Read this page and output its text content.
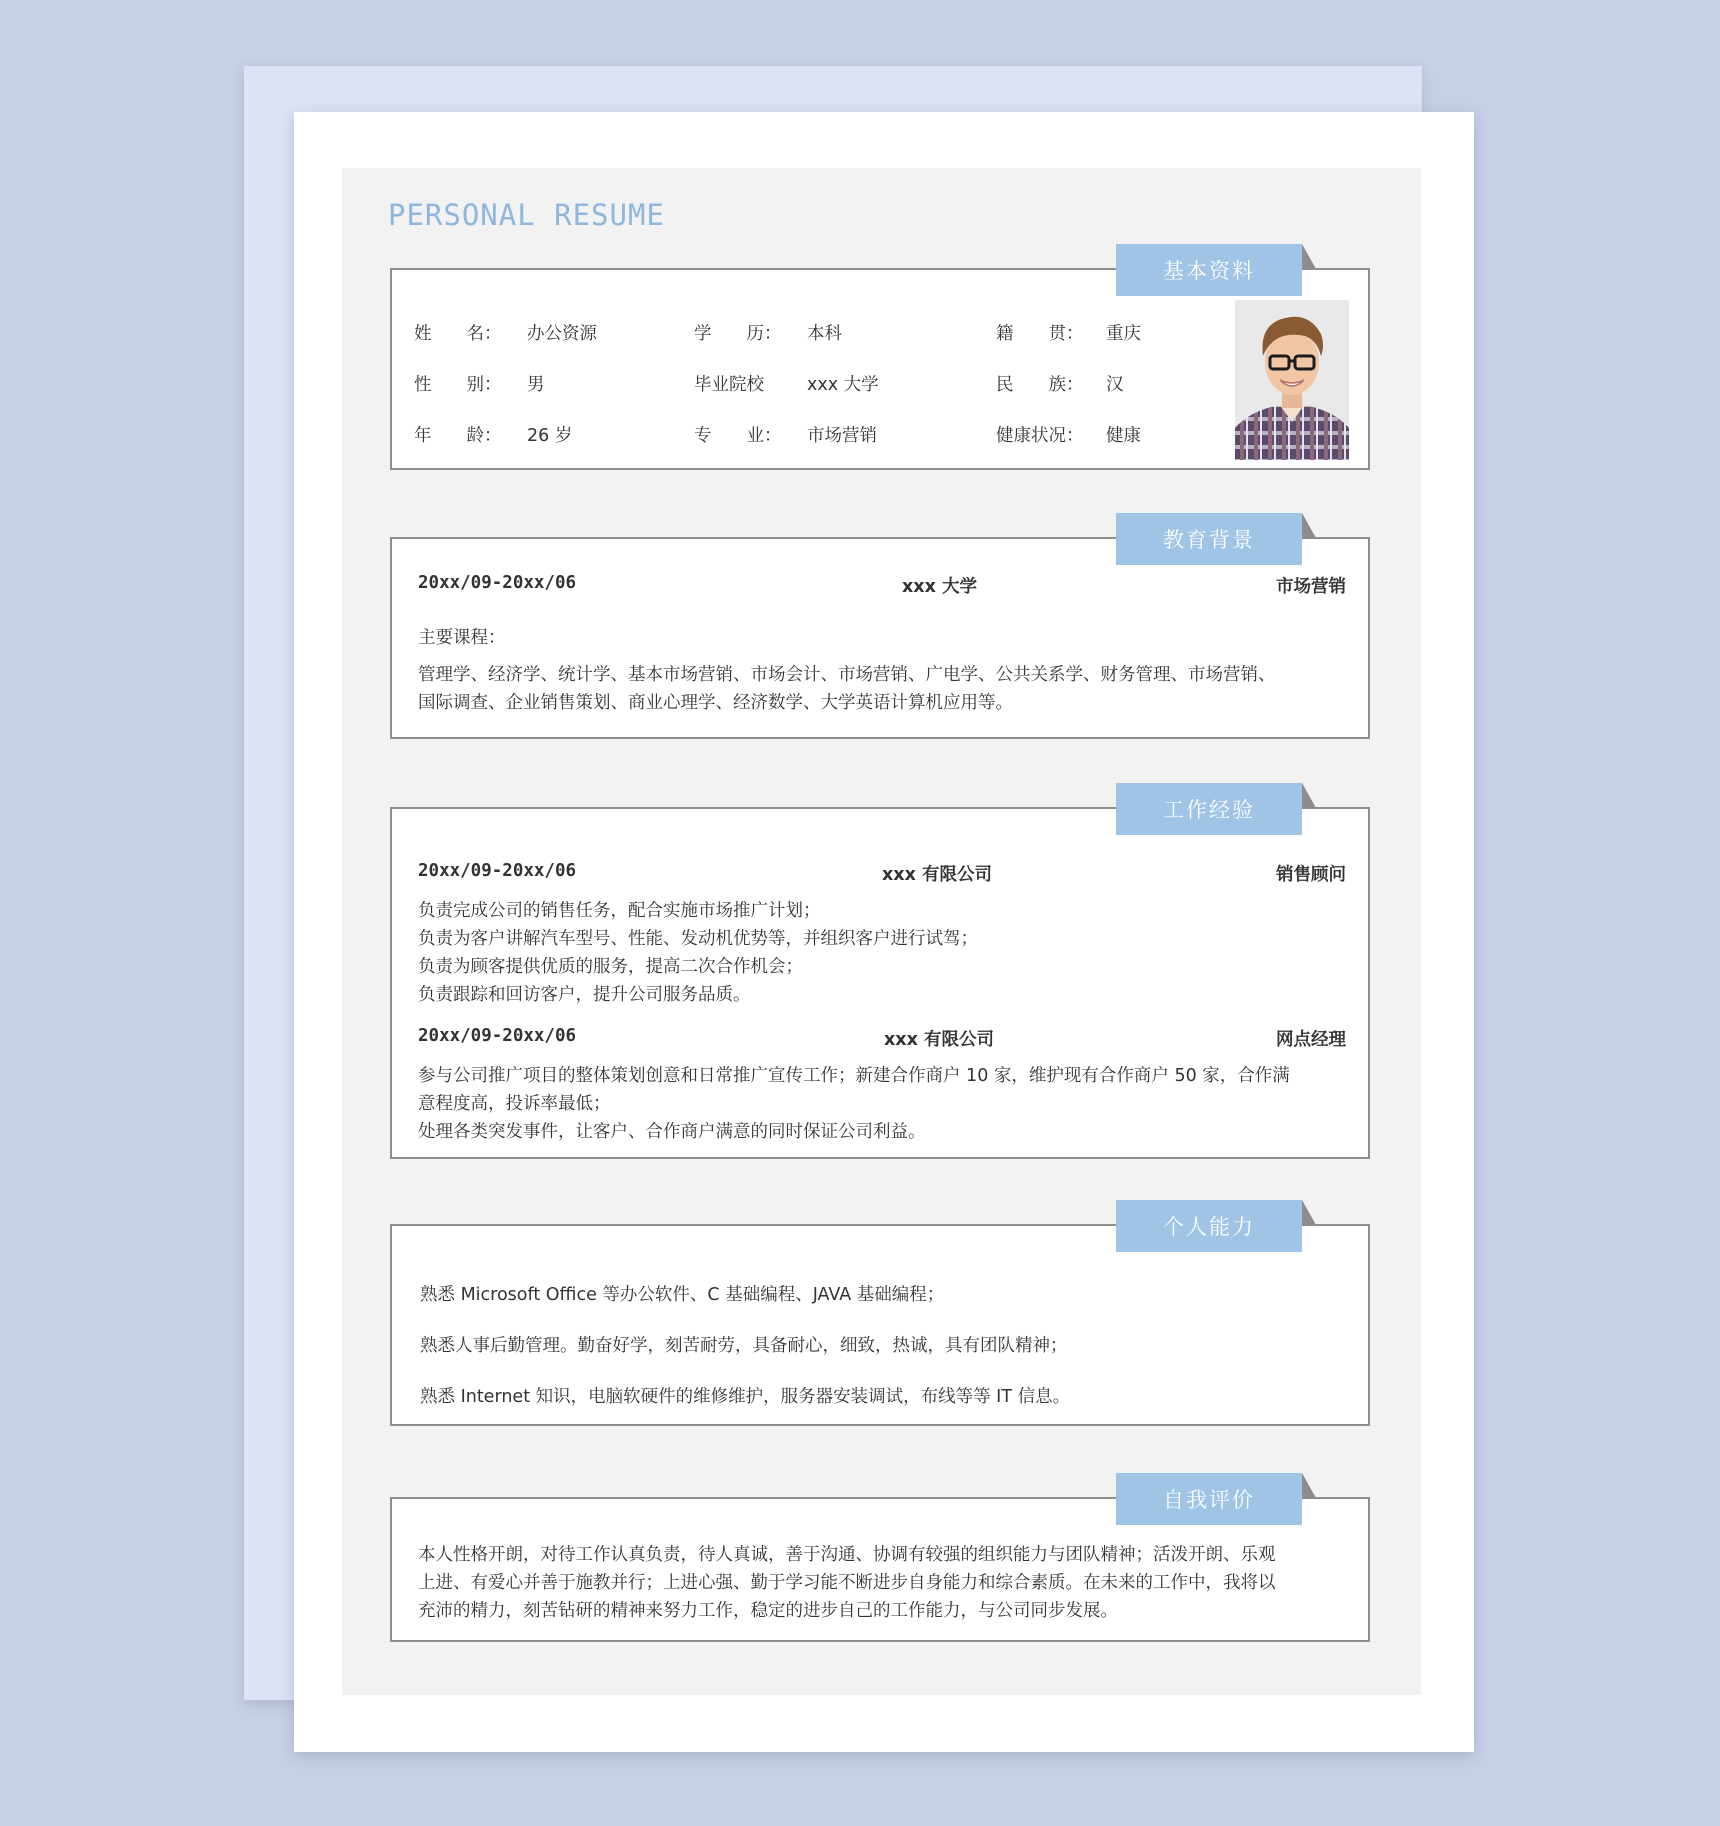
PERSONAL RESUME
基本资料
姓　　名： 办公资源	学　　历： 本科	籍　　贯： 重庆
性　　别： 男	毕业院校 xxx 大学	民　　族： 汉
年　　龄： 26 岁	专　　业： 市场营销	健康状况： 健康
教育背景
20xx/09-20xx/06	xxx 大学	市场营销
主要课程：
管理学、经济学、统计学、基本市场营销、市场会计、市场营销、广电学、公共关系学、财务管理、市场营销、
国际调查、企业销售策划、商业心理学、经济数学、大学英语计算机应用等。
工作经验
20xx/09-20xx/06	xxx 有限公司	销售顾问
负责完成公司的销售任务，配合实施市场推广计划；
负责为客户讲解汽车型号、性能、发动机优势等，并组织客户进行试驾；
负责为顾客提供优质的服务，提高二次合作机会；
负责跟踪和回访客户，提升公司服务品质。
20xx/09-20xx/06	xxx 有限公司	网点经理
参与公司推广项目的整体策划创意和日常推广宣传工作；新建合作商户 10 家，维护现有合作商户 50 家，合作满
意程度高，投诉率最低；
处理各类突发事件，让客户、合作商户满意的同时保证公司利益。
个人能力
熟悉 Microsoft Office 等办公软件、C 基础编程、JAVA 基础编程；
熟悉人事后勤管理。勤奋好学，刻苦耐劳，具备耐心，细致，热诚，具有团队精神；
熟悉 Internet 知识，电脑软硬件的维修维护，服务器安装调试，布线等等 IT 信息。
自我评价
本人性格开朗，对待工作认真负责，待人真诚，善于沟通、协调有较强的组织能力与团队精神；活泼开朗、乐观
上进、有爱心并善于施教并行；上进心强、勤于学习能不断进步自身能力和综合素质。在未来的工作中，我将以
充沛的精力，刻苦钻研的精神来努力工作，稳定的进步自己的工作能力，与公司同步发展。
